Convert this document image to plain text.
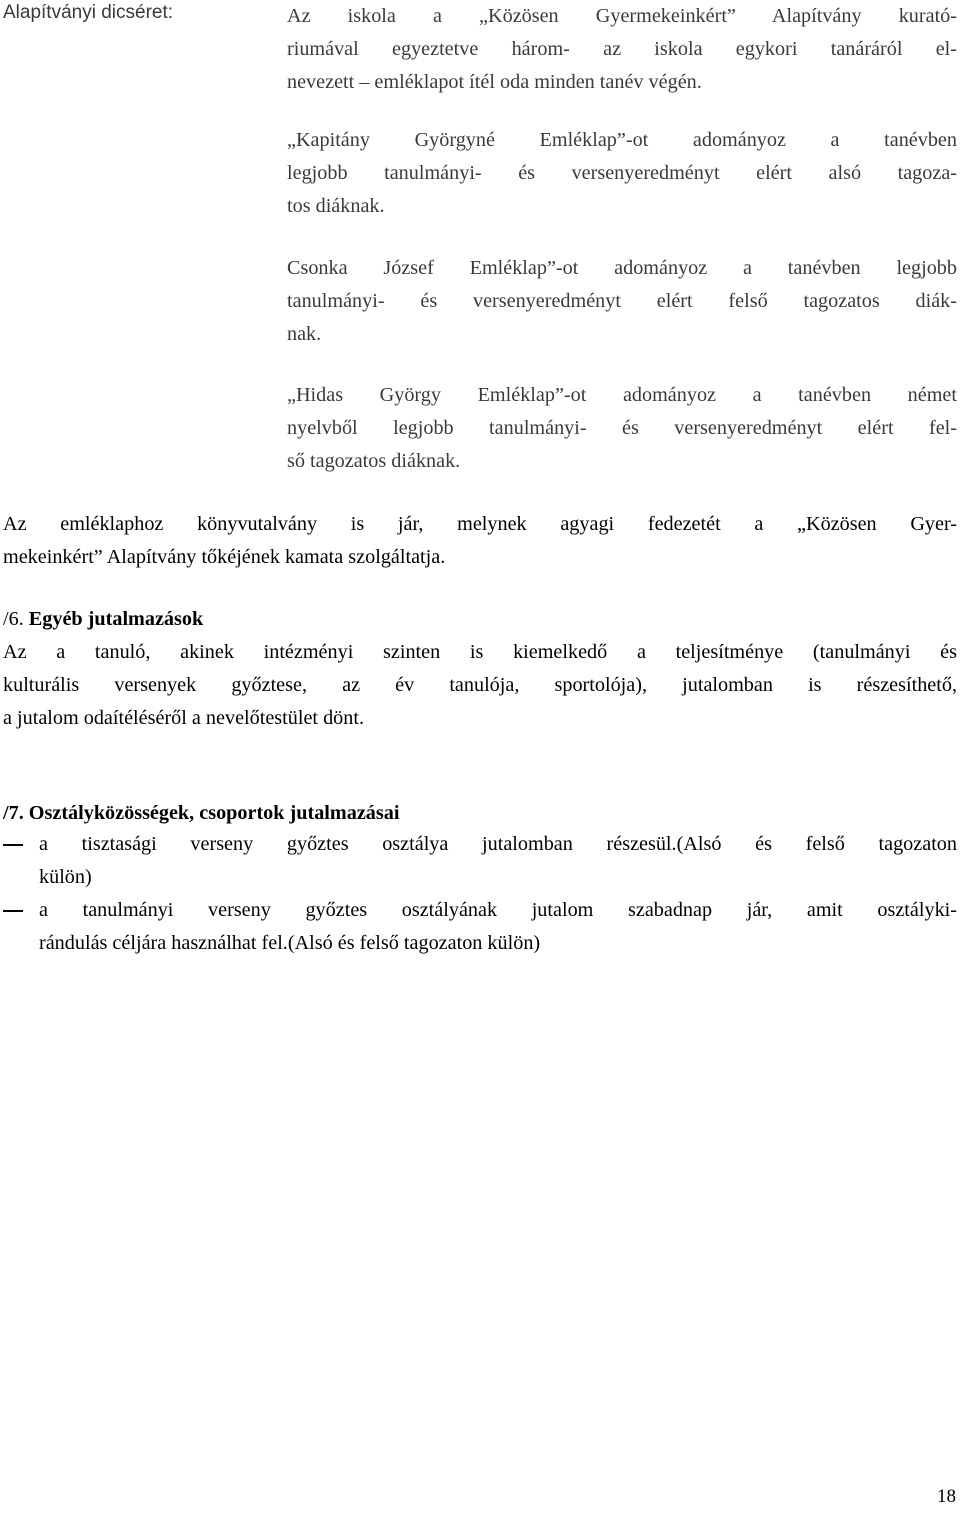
Alapítványi dicséret:	Az iskola a „Közösen Gyermekeinkért” Alapítvány kurató-
riumával egyeztetve három- az iskola egykori tanáráról el-
nevezett – emléklapot ítél oda minden tanév végén.
„Kapitány Györgyné Emléklap”-ot adományoz a tanévben
legjobb tanulmányi- és versenyeredményt elért alsó tagoza-
tos diáknak.
Csonka József Emléklap”-ot adományoz a tanévben legjobb
tanulmányi- és versenyeredményt elért felső tagozatos diák-
nak.
„Hidas György Emléklap”-ot adományoz a tanévben német
nyelvből legjobb tanulmányi- és versenyeredményt elért fel-
ső tagozatos diáknak.
Az emléklaphoz könyvutalvány is jár, melynek agyagi fedezetét a „Közösen Gyer-
mekeinkért” Alapítvány tőkéjének kamata szolgáltatja.
/6. Egyéb jutalmazások
Az a tanuló, akinek intézményi szinten is kiemelkedő a teljesítménye (tanulmányi és
kulturális versenyek győztese, az év tanulója, sportolója), jutalomban is részesíthető,
a jutalom odaítéléséről a nevelőtestület dönt.
/7. Osztályközösségek, csoportok jutalmazásai
a tisztasági verseny győztes osztálya jutalomban részesül.(Alsó és felső tagozaton
külön)
a tanulmányi verseny győztes osztályának jutalom szabadnap jár, amit osztályki-
rándulás céljára használhat fel.(Alsó és felső tagozaton külön)
18
